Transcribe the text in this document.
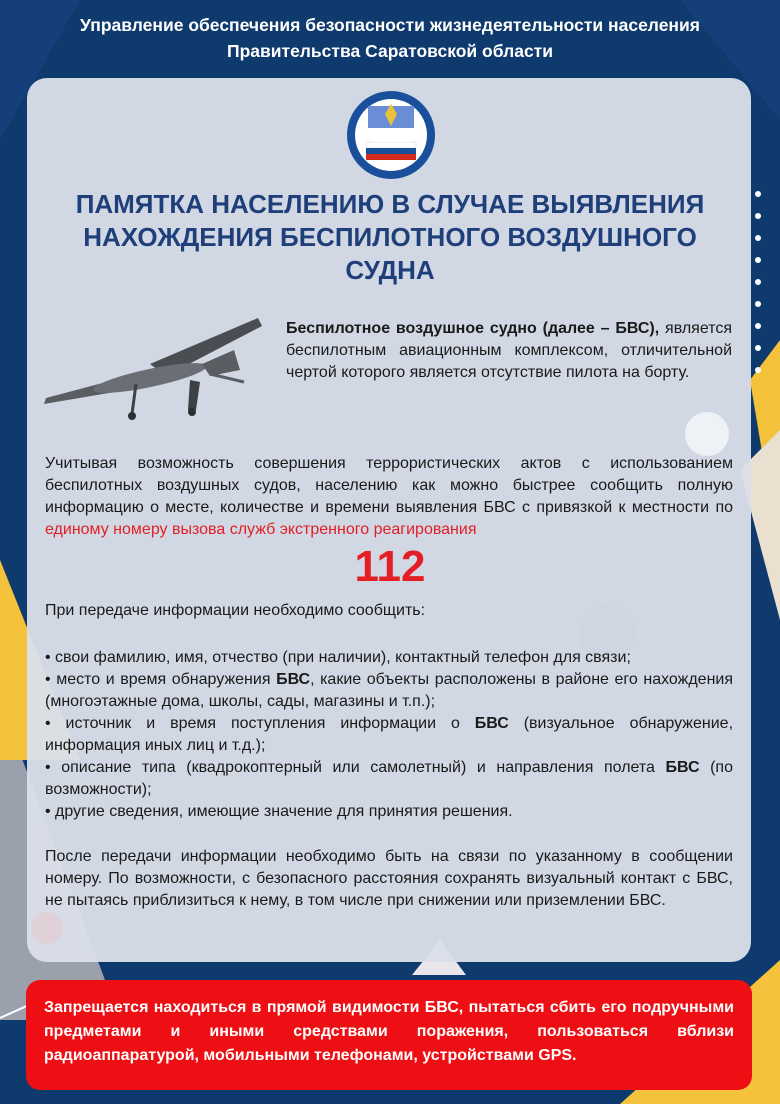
Управление обеспечения безопасности жизнедеятельности населения
Правительства Саратовской области
ПАМЯТКА НАСЕЛЕНИЮ В СЛУЧАЕ ВЫЯВЛЕНИЯ НАХОЖДЕНИЯ БЕСПИЛОТНОГО ВОЗДУШНОГО СУДНА
Беспилотное воздушное судно (далее – БВС), является беспилотным авиационным комплексом, отличительной чертой которого является отсутствие пилота на борту.
Учитывая возможность совершения террористических актов с использованием беспилотных воздушных судов, населению как можно быстрее сообщить полную информацию о месте, количестве и времени выявления БВС с привязкой к местности по единому номеру вызова служб экстренного реагирования
112
При передаче информации необходимо сообщить:
• свои фамилию, имя, отчество (при наличии), контактный телефон для связи;
• место и время обнаружения БВС, какие объекты расположены в районе его нахождения (многоэтажные дома, школы, сады, магазины и т.п.);
• источник и время поступления информации о БВС (визуальное обнаружение, информация иных лиц и т.д.);
• описание типа (квадрокоптерный или самолетный) и направления полета БВС (по возможности);
• другие сведения, имеющие значение для принятия решения.
После передачи информации необходимо быть на связи по указанному в сообщении номеру. По возможности, с безопасного расстояния сохранять визуальный контакт с БВС, не пытаясь приблизиться к нему, в том числе при снижении или приземлении БВС.
Запрещается находиться в прямой видимости БВС, пытаться сбить его подручными предметами и иными средствами поражения, пользоваться вблизи радиоаппаратурой, мобильными телефонами, устройствами GPS.
